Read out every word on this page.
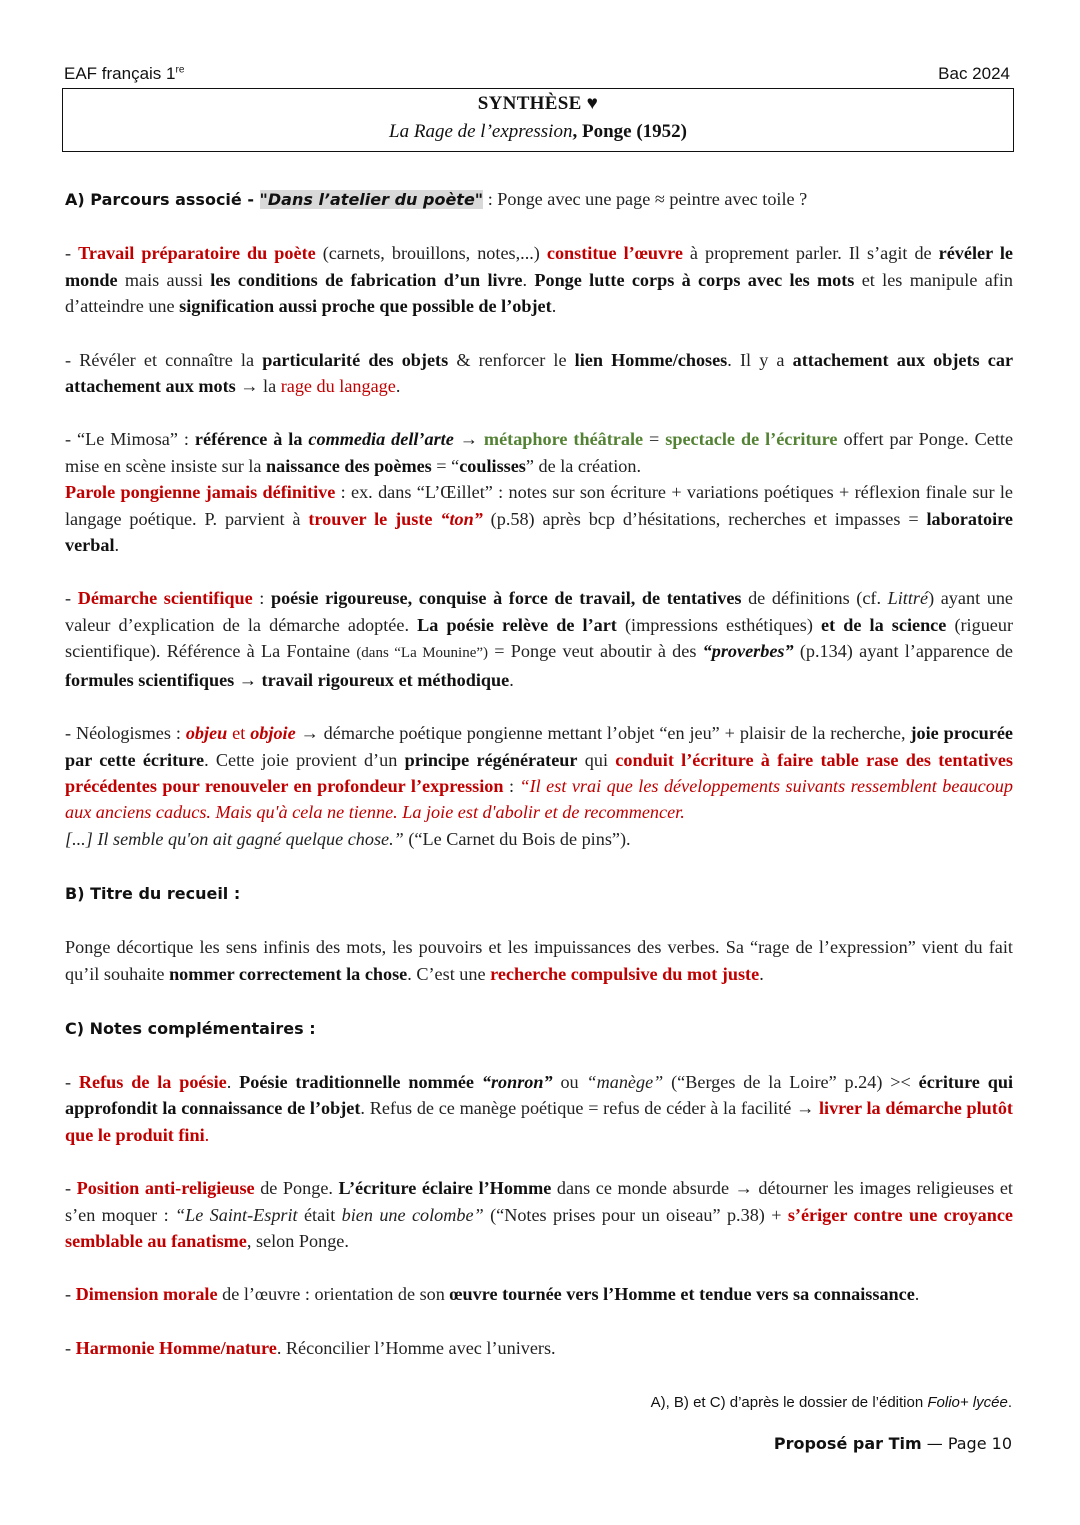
EAF français 1re	Bac 2024
SYNTHÈSE ♥
La Rage de l’expression, Ponge (1952)

A) Parcours associé - "Dans l’atelier du poète" : Ponge avec une page ≈ peintre avec toile ?

- Travail préparatoire du poète (carnets, brouillons, notes,...) constitue l’œuvre à proprement parler. Il s’agit de révéler le monde mais aussi les conditions de fabrication d’un livre. Ponge lutte corps à corps avec les mots et les manipule afin d’atteindre une signification aussi proche que possible de l’objet.

- Révéler et connaître la particularité des objets & renforcer le lien Homme/choses. Il y a attachement aux objets car attachement aux mots → la rage du langage.

- “Le Mimosa” : référence à la commedia dell’arte → métaphore théâtrale = spectacle de l’écriture offert par Ponge. Cette mise en scène insiste sur la naissance des poèmes = “coulisses” de la création.
Parole pongienne jamais définitive : ex. dans “L’Œillet” : notes sur son écriture + variations poétiques + réflexion finale sur le langage poétique. P. parvient à trouver le juste “ton” (p.58) après bcp d’hésitations, recherches et impasses = laboratoire verbal.

- Démarche scientifique : poésie rigoureuse, conquise à force de travail, de tentatives de définitions (cf. Littré) ayant une valeur d’explication de la démarche adoptée. La poésie relève de l’art (impressions esthétiques) et de la science (rigueur scientifique). Référence à La Fontaine (dans “La Mounine”) = Ponge veut aboutir à des “proverbes” (p.134) ayant l’apparence de formules scientifiques → travail rigoureux et méthodique.

- Néologismes : objeu et objoie → démarche poétique pongienne mettant l’objet “en jeu” + plaisir de la recherche, joie procurée par cette écriture. Cette joie provient d’un principe régénérateur qui conduit l’écriture à faire table rase des tentatives précédentes pour renouveler en profondeur l’expression : “Il est vrai que les développements suivants ressemblent beaucoup aux anciens caducs. Mais qu'à cela ne tienne. La joie est d'abolir et de recommencer.
[...] Il semble qu'on ait gagné quelque chose.” (“Le Carnet du Bois de pins”).

B) Titre du recueil :

Ponge décortique les sens infinis des mots, les pouvoirs et les impuissances des verbes. Sa “rage de l’expression” vient du fait qu’il souhaite nommer correctement la chose. C’est une recherche compulsive du mot juste.

C) Notes complémentaires :

- Refus de la poésie. Poésie traditionnelle nommée “ronron” ou “manège” (“Berges de la Loire” p.24) >< écriture qui approfondit la connaissance de l’objet. Refus de ce manège poétique = refus de céder à la facilité → livrer la démarche plutôt que le produit fini.

- Position anti-religieuse de Ponge. L’écriture éclaire l’Homme dans ce monde absurde → détourner les images religieuses et s’en moquer : “Le Saint-Esprit était bien une colombe” (“Notes prises pour un oiseau” p.38) + s’ériger contre une croyance semblable au fanatisme, selon Ponge.

- Dimension morale de l’œuvre : orientation de son œuvre tournée vers l’Homme et tendue vers sa connaissance.

- Harmonie Homme/nature. Réconcilier l’Homme avec l’univers.

A), B) et C) d’après le dossier de l’édition Folio+ lycée.
Proposé par Tim — Page 10
